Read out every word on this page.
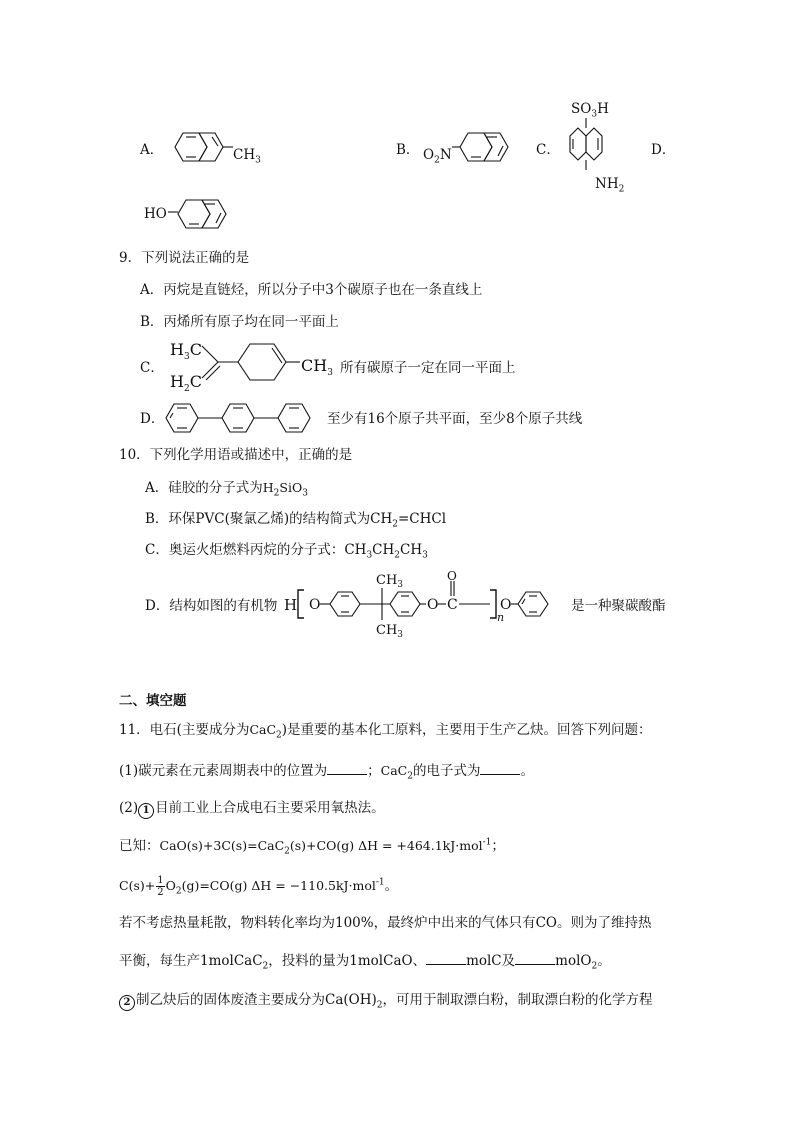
A．	$CH_3$
B． $O_2N$	C．
$SO_3H$
$NH_2$
D．
HO
9．下列说法正确的是
A．丙烷是直链烃，所以分子中3个碳原子也在一条直线上
B．丙烯所有原子均在同一平面上
C．
$H_3C$
$H_2C$
$CH_3$ 所有碳原子一定在同一平面上
D．	至少有16个原子共平面，至少8个原子共线
10．下列化学用语或描述中，正确的是
A．硅胶的分子式为$H_2SiO_3$
B．环保PVC(聚氯乙烯)的结构简式为$CH_2=CHCl$
C．奥运火炬燃料丙烷的分子式：$CH_3CH_2CH_3$
D．结构如图的有机物 H O
$CH_3$
$CH_3$
O C
O
n
O	是一种聚碳酸酯
二、填空题
11．电石(主要成分为CaC$_2$)是重要的基本化工原料，主要用于生产乙炔。回答下列问题：
(1)碳元素在元素周期表中的位置为	；CaC$_2$的电子式为	。
(2) 1 目前工业上合成电石主要采用氧热法。
已知：CaO(s)+3C(s)=CaC$_2$(s)+CO(g) ΔH = +464.1kJ·mol$^{-1}$；
$C(s)+ \frac{1}{2} O_2(g)=CO(g) \Delta H = -110.5kJ\cdot mol^{-1}$。
若不考虑热量耗散，物料转化率均为100%，最终炉中出来的气体只有CO。则为了维持热
平衡，每生产1molCaC$_2$，投料的量为1molCaO、	molC及	molO$_2$。
2 制乙炔后的固体废渣主要成分为$Ca(OH)_2$，可用于制取漂白粉，制取漂白粉的化学方程
